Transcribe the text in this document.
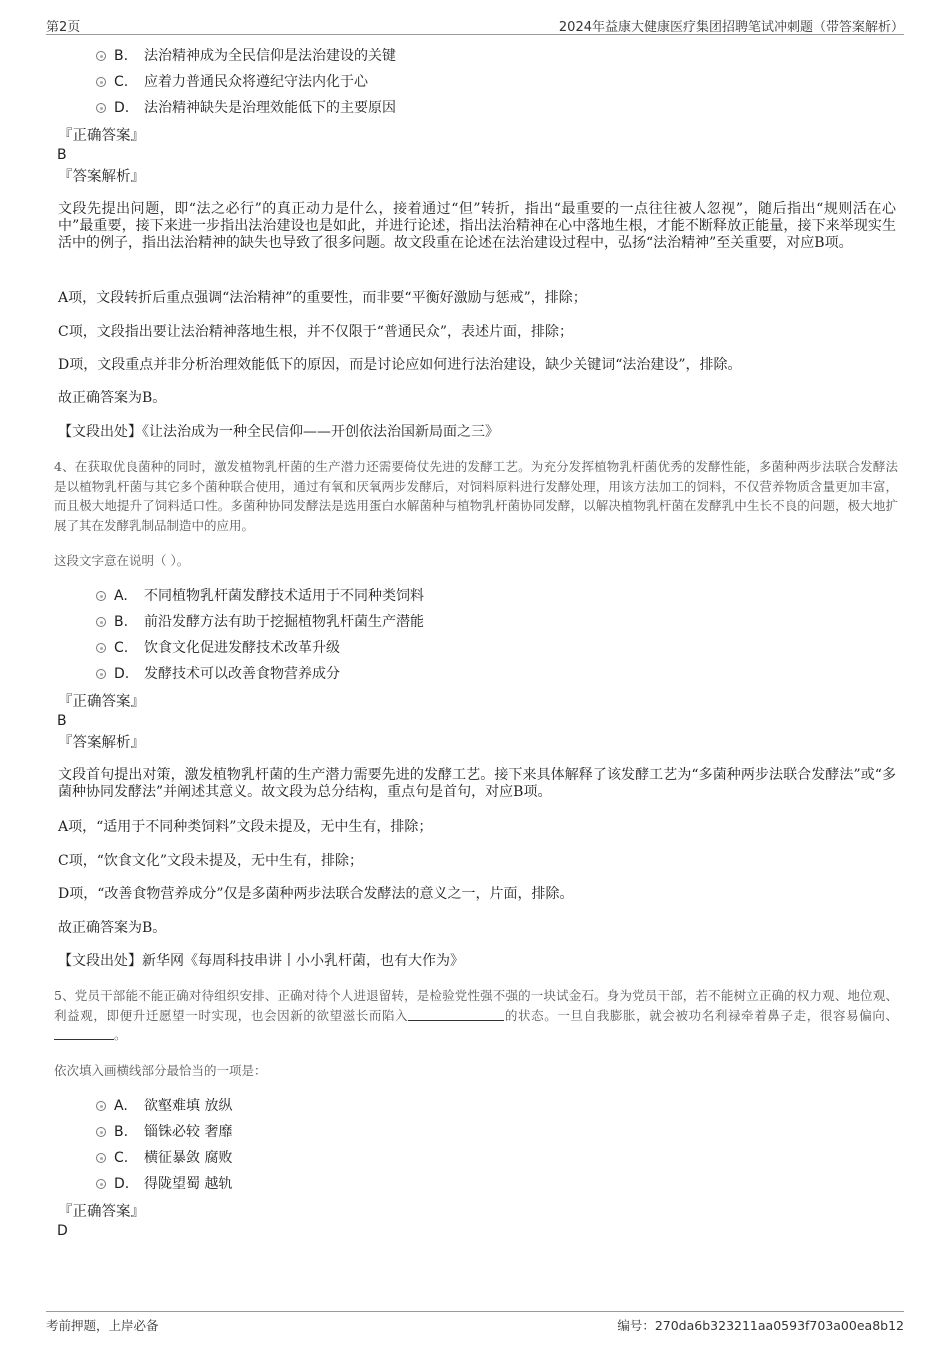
第2页	2024年益康大健康医疗集团招聘笔试冲刺题（带答案解析）
B. 法治精神成为全民信仰是法治建设的关键
C. 应着力普通民众将遵纪守法内化于心
D. 法治精神缺失是治理效能低下的主要原因
『正确答案』
B
『答案解析』

文段先提出问题，即“法之必行”的真正动力是什么，接着通过“但”转折，指出“最重要的一点往往被人忽视”，随后指出“规则活在心中”最重要，接下来进一步指出法治建设也是如此，并进行论述，指出法治精神在心中落地生根，才能不断释放正能量，接下来举现实生活中的例子，指出法治精神的缺失也导致了很多问题。故文段重在论述在法治建设过程中，弘扬“法治精神”至关重要，对应B项。

A项，文段转折后重点强调“法治精神”的重要性，而非要“平衡好激励与惩戒”，排除；
C项，文段指出要让法治精神落地生根，并不仅限于“普通民众”，表述片面，排除；
D项，文段重点并非分析治理效能低下的原因，而是讨论应如何进行法治建设，缺少关键词“法治建设”，排除。
故正确答案为B。
【文段出处】《让法治成为一种全民信仰——开创依法治国新局面之三》

4、在获取优良菌种的同时，激发植物乳杆菌的生产潜力还需要倚仗先进的发酵工艺。为充分发挥植物乳杆菌优秀的发酵性能，多菌种两步法联合发酵法是以植物乳杆菌与其它多个菌种联合使用，通过有氧和厌氧两步发酵后，对饲料原料进行发酵处理，用该方法加工的饲料，不仅营养物质含量更加丰富，而且极大地提升了饲料适口性。多菌种协同发酵法是选用蛋白水解菌种与植物乳杆菌协同发酵，以解决植物乳杆菌在发酵乳中生长不良的问题，极大地扩展了其在发酵乳制品制造中的应用。

这段文字意在说明（ ）。
A. 不同植物乳杆菌发酵技术适用于不同种类饲料
B. 前沿发酵方法有助于挖掘植物乳杆菌生产潜能
C. 饮食文化促进发酵技术改革升级
D. 发酵技术可以改善食物营养成分
『正确答案』
B
『答案解析』

文段首句提出对策，激发植物乳杆菌的生产潜力需要先进的发酵工艺。接下来具体解释了该发酵工艺为“多菌种两步法联合发酵法”或“多菌种协同发酵法”并阐述其意义。故文段为总分结构，重点句是首句，对应B项。

A项，“适用于不同种类饲料”文段未提及，无中生有，排除；
C项，“饮食文化”文段未提及，无中生有，排除；
D项，“改善食物营养成分”仅是多菌种两步法联合发酵法的意义之一，片面，排除。
故正确答案为B。
【文段出处】新华网《每周科技串讲丨小小乳杆菌，也有大作为》

5、党员干部能不能正确对待组织安排、正确对待个人进退留转，是检验党性强不强的一块试金石。身为党员干部，若不能树立正确的权力观、地位观、利益观，即便升迁愿望一时实现，也会因新的欲望滋长而陷入	的状态。一旦自我膨胀，就会被功名利禄牵着鼻子走，很容易偏向、。

依次填入画横线部分最恰当的一项是：
A. 欲壑难填 放纵
B. 锱铢必较 奢靡
C. 横征暴敛 腐败
D. 得陇望蜀 越轨
『正确答案』
D
考前押题，上岸必备	编号：270da6b323211aa0593f703a00ea8b12
